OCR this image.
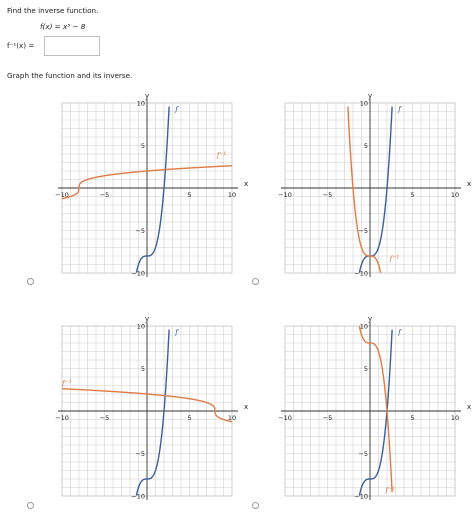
Find the inverse function.
f(x) = x³ − 8
f⁻¹(x) =
Graph the function and its inverse.
x
y
−10	−5	5	10
10
5
−5
−10
f
f⁻¹
x
y
−10	−5	5	10
10
5
−5
−10
f
f⁻¹
x
y
−10	−5	5	10
10
5
−5
−10
f
f⁻¹
x
y
−10	−5	5	10
10
5
−5
−10
f
f⁻¹
